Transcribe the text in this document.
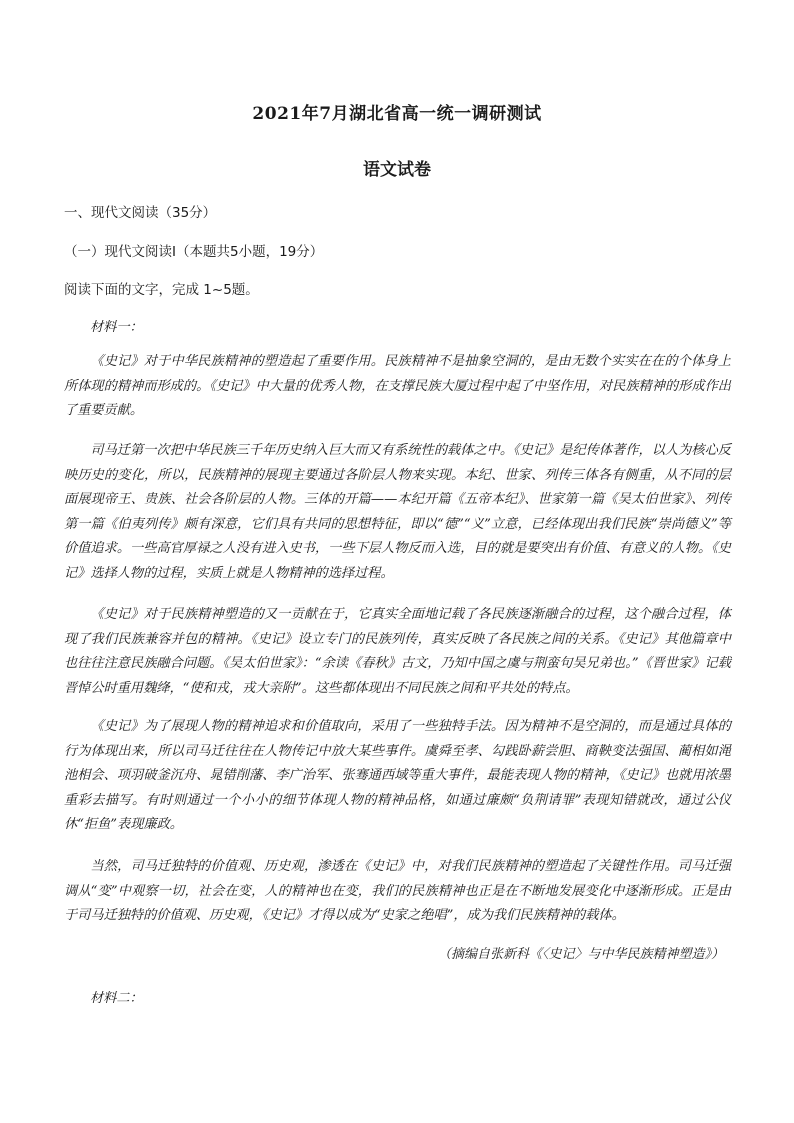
2021年7月湖北省高一统一调研测试
语文试卷
一、现代文阅读（35分）
（一）现代文阅读Ⅰ（本题共5小题，19分）
阅读下面的文字，完成 1~5题。
材料一：

《史记》对于中华民族精神的塑造起了重要作用。民族精神不是抽象空洞的，是由无数个实实在在的个体身上所体现的精神而形成的。《史记》中大量的优秀人物，在支撑民族大厦过程中起了中坚作用，对民族精神的形成作出了重要贡献。

司马迁第一次把中华民族三千年历史纳入巨大而又有系统性的载体之中。《史记》是纪传体著作，以人为核心反映历史的变化，所以，民族精神的展现主要通过各阶层人物来实现。本纪、世家、列传三体各有侧重，从不同的层面展现帝王、贵族、社会各阶层的人物。三体的开篇——本纪开篇《五帝本纪》、世家第一篇《吴太伯世家》、列传第一篇《伯夷列传》颇有深意，它们具有共同的思想特征，即以“德”“义”立意，已经体现出我们民族“崇尚德义”等价值追求。一些高官厚禄之人没有进入史书，一些下层人物反而入选，目的就是要突出有价值、有意义的人物。《史记》选择人物的过程，实质上就是人物精神的选择过程。

《史记》对于民族精神塑造的又一贡献在于，它真实全面地记载了各民族逐渐融合的过程，这个融合过程，体现了我们民族兼容并包的精神。《史记》设立专门的民族列传，真实反映了各民族之间的关系。《史记》其他篇章中也往往注意民族融合问题。《吴太伯世家》：“余读《春秋》古文，乃知中国之虞与荆蛮句吴兄弟也。”《晋世家》记载晋悼公时重用魏绛，“使和戎，戎大亲附”。这些都体现出不同民族之间和平共处的特点。

《史记》为了展现人物的精神追求和价值取向，采用了一些独特手法。因为精神不是空洞的，而是通过具体的行为体现出来，所以司马迁往往在人物传记中放大某些事件。虞舜至孝、勾践卧薪尝胆、商鞅变法强国、蔺相如渑池相会、项羽破釜沉舟、晁错削藩、李广治军、张骞通西域等重大事件，最能表现人物的精神，《史记》也就用浓墨重彩去描写。有时则通过一个小小的细节体现人物的精神品格，如通过廉颇“负荆请罪”表现知错就改，通过公仪休“拒鱼”表现廉政。

当然，司马迁独特的价值观、历史观，渗透在《史记》中，对我们民族精神的塑造起了关键性作用。司马迁强调从“变”中观察一切，社会在变，人的精神也在变，我们的民族精神也正是在不断地发展变化中逐渐形成。正是由于司马迁独特的价值观、历史观，《史记》才得以成为“史家之绝唱”，成为我们民族精神的载体。

（摘编自张新科《〈史记〉与中华民族精神塑造》）
材料二：
